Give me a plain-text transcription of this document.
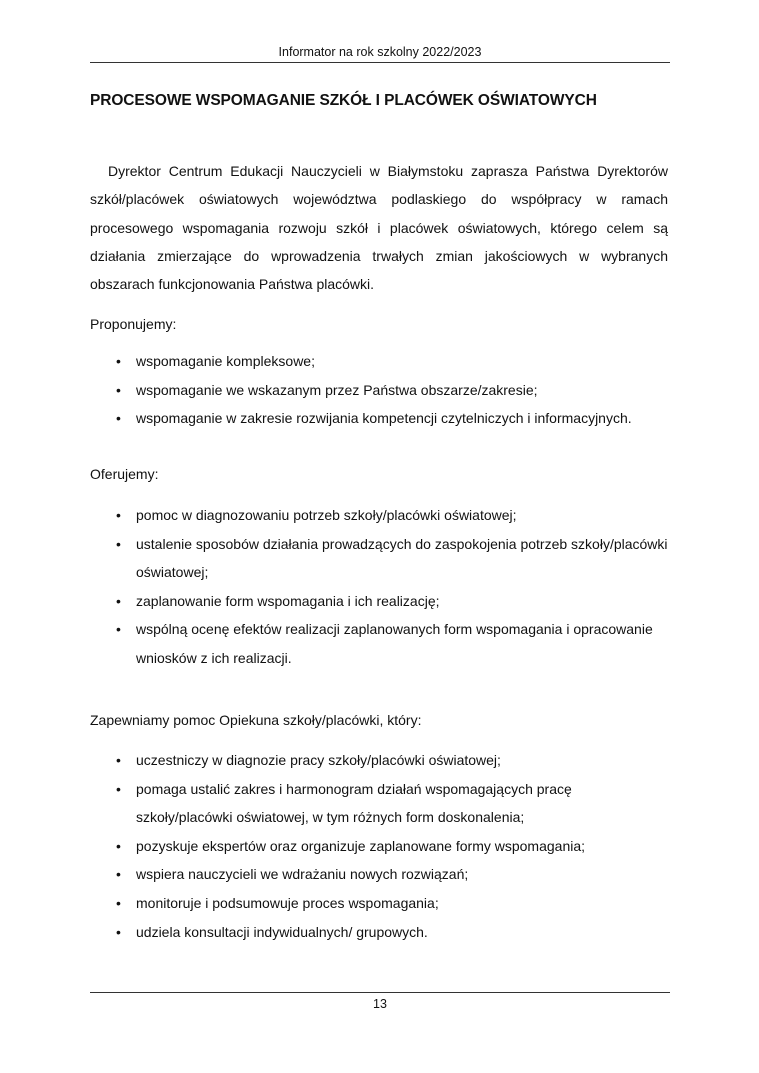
Informator na rok szkolny 2022/2023
PROCESOWE WSPOMAGANIE SZKÓŁ I PLACÓWEK OŚWIATOWYCH

Dyrektor Centrum Edukacji Nauczycieli w Białymstoku zaprasza Państwa Dyrektorów szkół/placówek oświatowych województwa podlaskiego do współpracy w ramach procesowego wspomagania rozwoju szkół i placówek oświatowych, którego celem są działania zmierzające do wprowadzenia trwałych zmian jakościowych w wybranych obszarach funkcjonowania Państwa placówki.

Proponujemy:

• wspomaganie kompleksowe;
• wspomaganie we wskazanym przez Państwa obszarze/zakresie;
• wspomaganie w zakresie rozwijania kompetencji czytelniczych i informacyjnych.

Oferujemy:

• pomoc w diagnozowaniu potrzeb szkoły/placówki oświatowej;
• ustalenie sposobów działania prowadzących do zaspokojenia potrzeb szkoły/placówki oświatowej;
• zaplanowanie form wspomagania i ich realizację;
• wspólną ocenę efektów realizacji zaplanowanych form wspomagania i opracowanie wniosków z ich realizacji.

Zapewniamy pomoc Opiekuna szkoły/placówki, który:

• uczestniczy w diagnozie pracy szkoły/placówki oświatowej;
• pomaga ustalić zakres i harmonogram działań wspomagających pracę szkoły/placówki oświatowej, w tym różnych form doskonalenia;
• pozyskuje ekspertów oraz organizuje zaplanowane formy wspomagania;
• wspiera nauczycieli we wdrażaniu nowych rozwiązań;
• monitoruje i podsumowuje proces wspomagania;
• udziela konsultacji indywidualnych/ grupowych.
13
